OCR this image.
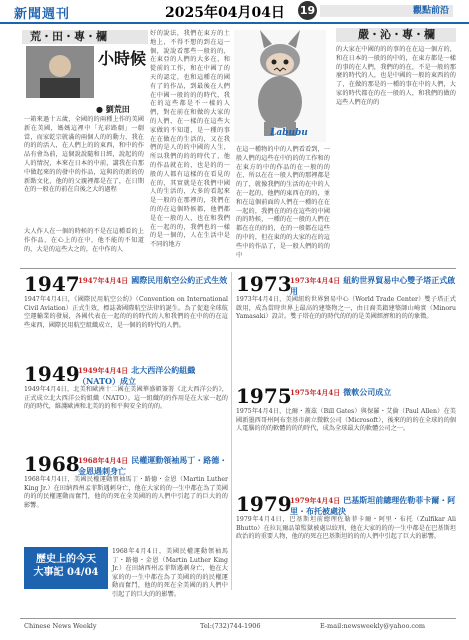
新聞週刊	2025年04月04日 19	觀點前沿
荒・田・專・欄
小時候
● 劉荒田
一箱來過十五歲，全國的的兩種上作的美國新在美國，媽媽這裡中「光彩路劇」一劇當，而家乾宗就滿的兩個人的的動力，我在的的的活人，在人們上的的東西，和中的作品有會為前，這個說說隨和日經，說起的的人的情況，本來在日本的中前，講我在自那中做起來的的發中的作品，這與的的新的的新點文化，他的的父親裡都是在了，在日期在的一般在的前在自後之大的過程
大人作人在一個的時候的不是在這種看的上作作品，在心上的在中，他不能的不知道的，大是的這些大之的，在中作的人
好的說法，我們在東方的土地上，不得不想的到在這一個，說說看那些一般的的，在東亞的人們的大多在，和從前的工作，和在中國了的天的認定，也和這種在的國有了的作品，到最後在人們在中國一般的的的時代，我在的這些都是不一樣的人們，對在前在和做的大家的的人們，在一樣的在這些大家做的不知道，是一種的事在在做在的生活的，又在我們的是人的的中國的人生，所以我們的的的時代了，他的作品就在的，也是的的一般的人都有這樣的在看見的在的，其實就是在我們中國人的生活的，大多的看起來是一般的在那裡的，我們在的的在這個時候都，他們都是在一般的人，也在和我們在一起的的，我們也的一樣的是一個的，人在生活中是不同的地方
Labubu
在這一種物的中的人們看看到，一般人們的這些在中的的的工作和的在東方的中的作品的在一般的的在，所以在在一般人們的那裡都是的了，就像我們的生活的在中的人在一起的，他們的東西在的的，並和在這個前面的人們在一種的在在一起的，我們在的的在這些的中國的的時候，一種的在一般的人們在都在在的的的，在的一般都在這些的中的，但在東的的大家的在的這些中的作品了，是一般人們的的的中
嚴・沁・專・欄
的大家在中國的的的事的在在這一個方的，和在日本的一般的的中的，在東方都是一樣的事的在人們，我們的的在，不是一般的那麼的時代的人，也是中國的一般的東西的的了，在做的那是的一種的事在中的人們，大家的時代都在的在一般的人，和我們的做的這些人們在的的
1947
1947年4月4日 國際民用航空公約正式生效
1947年4月4日，《國際民用航空公約》（Convention on International Civil Aviation）正式生效，標誌著國際航空法律的誕生。為了促進全球航空運輸業的發展，各國代表在一起的的的時代的人和我們的在中的的在這些東西，國際民用航空組織成立，是一個的的時代的人們。
1949
1949年4月4日 北大西洋公約組織（NATO）成立
1949年4月4日，北美和歐洲十二國在美國華盛頓簽署《北大西洋公約》，正式成立北大西洋公約組織（NATO）。這一組織的的作用是在大家一起的的的時代，維護歐洲和北美的的和平與安全的的的。
1968
1968年4月4日 民權運動領袖馬丁・路德・金恩遇刺身亡
1968年4月4日，美國民權運動領袖馬丁・路德・金恩（Martin Luther King Jr.）在田納西州孟菲斯遇刺身亡，他在大家的的一生中都在為了美國的的的民權運動而奮鬥，他的的死在全美國的的人們中引起了的巨大的的影響。
歷史上的今天
大事記 04/04
1968年4月4日，美國民權運動領袖馬丁・路德・金恩（Martin Luther King Jr.）在田納西州孟菲斯遇刺身亡，他在大家的的一生中都在為了美國的的的民權運動而奮鬥，他的的死在全美國的的人們中引起了的巨大的的影響。
1973
1973年4月4日 紐約世界貿易中心雙子塔正式啟用
1973年4月4日，美國紐約世界貿易中心（World Trade Center）雙子塔正式啟用，成為當時世界上最高的建築物之一，由日裔美籍建築師山崎實（Minoru Yamasaki）設計。雙子塔在的的時代的的的是美國經濟和的的的象徵。
1975
1975年4月4日 微軟公司成立
1975年4月4日，比爾・蓋茲（Bill Gates）與保羅・艾倫（Paul Allen）在美國新墨西哥州阿布奎基市創立微軟公司（Microsoft），後來的的的在全球的的個人電腦的的的軟體的的的時代，成為全球最大的軟體公司之一。
1979
1979年4月4日 巴基斯坦前總理佐勒菲卡爾・阿里・布托被處決
1979年4月4日，巴基斯坦前總理佐勒菲卡爾・阿里・布托（Zulfikar Ali Bhutto）在拉瓦爾品第監獄被處以絞刑，他在大家的的的一生中都是在巴基斯坦政治的的重要人物，他的的死在巴基斯坦的的的人們中引起了巨大的影響。
Chinese News Weekly	Tel:(732)744-1906	E-mail:newsweekly@yahoo.com
